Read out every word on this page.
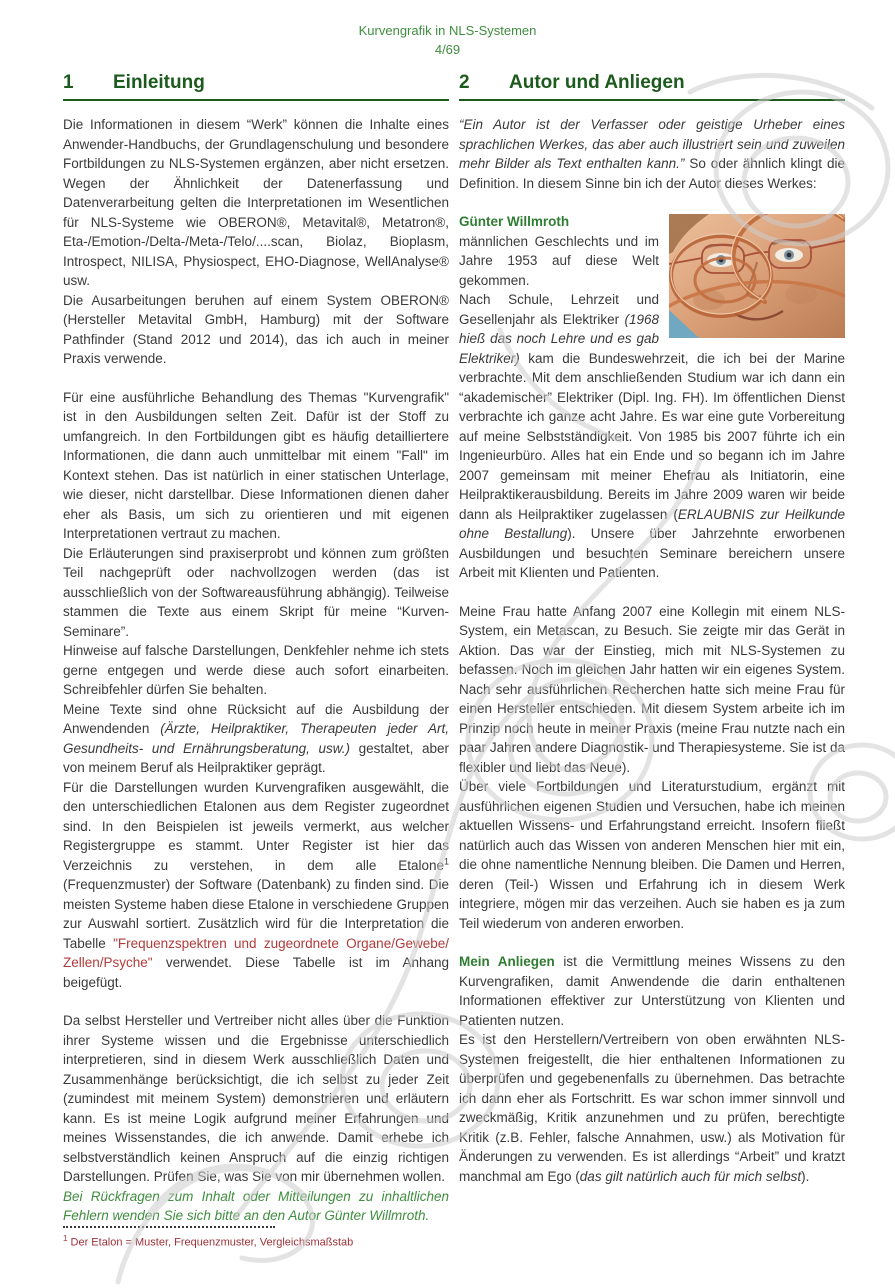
Kurvengrafik in NLS-Systemen
4/69
1	Einleitung

Die Informationen in diesem “Werk” können die Inhalte eines Anwender-Handbuchs, der Grundlagenschulung und besondere Fortbildungen zu NLS-Systemen ergänzen, aber nicht ersetzen. Wegen der Ähnlichkeit der Datenerfassung und Datenverarbeitung gelten die Interpretationen im Wesentlichen für NLS-Systeme wie OBERON®, Metavital®, Metatron®, Eta-/Emotion-/Delta-/Meta-/Telo/....scan, Biolaz, Bioplasm, Introspect, NILISA, Physiospect, EHO-Diagnose, WellAnalyse® usw.

Die Ausarbeitungen beruhen auf einem System OBERON® (Hersteller Metavital GmbH, Hamburg) mit der Software Pathfinder (Stand 2012 und 2014), das ich auch in meiner Praxis verwende.

Für eine ausführliche Behandlung des Themas "Kurvengrafik" ist in den Ausbildungen selten Zeit. Dafür ist der Stoff zu umfangreich. In den Fortbildungen gibt es häufig detailliertere Informationen, die dann auch unmittelbar mit einem "Fall" im Kontext stehen. Das ist natürlich in einer statischen Unterlage, wie dieser, nicht darstellbar. Diese Informationen dienen daher eher als Basis, um sich zu orientieren und mit eigenen Interpretationen vertraut zu machen.

Die Erläuterungen sind praxiserprobt und können zum größten Teil nachgeprüft oder nachvollzogen werden (das ist ausschließlich von der Softwareausführung abhängig). Teilweise stammen die Texte aus einem Skript für meine “Kurven-Seminare”.

Hinweise auf falsche Darstellungen, Denkfehler nehme ich stets gerne entgegen und werde diese auch sofort einarbeiten. Schreibfehler dürfen Sie behalten.

Meine Texte sind ohne Rücksicht auf die Ausbildung der Anwendenden (Ärzte, Heilpraktiker, Therapeuten jeder Art, Gesundheits- und Ernährungsberatung, usw.) gestaltet, aber von meinem Beruf als Heilpraktiker geprägt.

Für die Darstellungen wurden Kurvengrafiken ausgewählt, die den unterschiedlichen Etalonen aus dem Register zugeordnet sind. In den Beispielen ist jeweils vermerkt, aus welcher Registergruppe es stammt. Unter Register ist hier das Verzeichnis zu verstehen, in dem alle Etalone$^1$ (Frequenzmuster) der Software (Datenbank) zu finden sind. Die meisten Systeme haben diese Etalone in verschiedene Gruppen zur Auswahl sortiert. Zusätzlich wird für die Interpretation die Tabelle "Frequenzspektren und zugeordnete Organe/Gewebe/ Zellen/Psyche" verwendet. Diese Tabelle ist im Anhang beigefügt.

Da selbst Hersteller und Vertreiber nicht alles über die Funktion ihrer Systeme wissen und die Ergebnisse unterschiedlich interpretieren, sind in diesem Werk ausschließlich Daten und Zusammenhänge berücksichtigt, die ich selbst zu jeder Zeit (zumindest mit meinem System) demonstrieren und erläutern kann. Es ist meine Logik aufgrund meiner Erfahrungen und meines Wissenstandes, die ich anwende. Damit erhebe ich selbstverständlich keinen Anspruch auf die einzig richtigen Darstellungen. Prüfen Sie, was Sie von mir übernehmen wollen.

Bei Rückfragen zum Inhalt oder Mitteilungen zu inhaltlichen Fehlern wenden Sie sich bitte an den Autor Günter Willmroth.

$^1$ Der Etalon = Muster, Frequenzmuster, Vergleichsmaßstab
2	Autor und Anliegen

“Ein Autor ist der Verfasser oder geistige Urheber eines sprachlichen Werkes, das aber auch illustriert sein und zuweilen mehr Bilder als Text enthalten kann.” So oder ähnlich klingt die Definition. In diesem Sinne bin ich der Autor dieses Werkes:

Günter Willmroth

männlichen Geschlechts und im Jahre 1953 auf diese Welt gekommen.

Nach Schule, Lehrzeit und Gesellenjahr als Elektriker (1968 hieß das noch Lehre und es gab Elektriker) kam die Bundeswehrzeit, die ich bei der Marine verbrachte. Mit dem anschließenden Studium war ich dann ein “akademischer” Elektriker (Dipl. Ing. FH). Im öffentlichen Dienst verbrachte ich ganze acht Jahre. Es war eine gute Vorbereitung auf meine Selbstständigkeit. Von 1985 bis 2007 führte ich ein Ingenieurbüro. Alles hat ein Ende und so begann ich im Jahre 2007 gemeinsam mit meiner Ehefrau als Initiatorin, eine Heilpraktikerausbildung. Bereits im Jahre 2009 waren wir beide dann als Heilpraktiker zugelassen (ERLAUBNIS zur Heilkunde ohne Bestallung). Unsere über Jahrzehnte erworbenen Ausbildungen und besuchten Seminare bereichern unsere Arbeit mit Klienten und Patienten.

Meine Frau hatte Anfang 2007 eine Kollegin mit einem NLS-System, ein Metascan, zu Besuch. Sie zeigte mir das Gerät in Aktion. Das war der Einstieg, mich mit NLS-Systemen zu befassen. Noch im gleichen Jahr hatten wir ein eigenes System. Nach sehr ausführlichen Recherchen hatte sich meine Frau für einen Hersteller entschieden. Mit diesem System arbeite ich im Prinzip noch heute in meiner Praxis (meine Frau nutzte nach ein paar Jahren andere Diagnostik- und Therapiesysteme. Sie ist da flexibler und liebt das Neue).

Über viele Fortbildungen und Literaturstudium, ergänzt mit ausführlichen eigenen Studien und Versuchen, habe ich meinen aktuellen Wissens- und Erfahrungstand erreicht. Insofern fließt natürlich auch das Wissen von anderen Menschen hier mit ein, die ohne namentliche Nennung bleiben. Die Damen und Herren, deren (Teil-) Wissen und Erfahrung ich in diesem Werk integriere, mögen mir das verzeihen. Auch sie haben es ja zum Teil wiederum von anderen erworben.

Mein Anliegen ist die Vermittlung meines Wissens zu den Kurvengrafiken, damit Anwendende die darin enthaltenen Informationen effektiver zur Unterstützung von Klienten und Patienten nutzen.

Es ist den Herstellern/Vertreibern von oben erwähnten NLS-Systemen freigestellt, die hier enthaltenen Informationen zu überprüfen und gegebenenfalls zu übernehmen. Das betrachte ich dann eher als Fortschritt. Es war schon immer sinnvoll und zweckmäßig, Kritik anzunehmen und zu prüfen, berechtigte Kritik (z.B. Fehler, falsche Annahmen, usw.) als Motivation für Änderungen zu verwenden. Es ist allerdings “Arbeit” und kratzt manchmal am Ego (das gilt natürlich auch für mich selbst).
